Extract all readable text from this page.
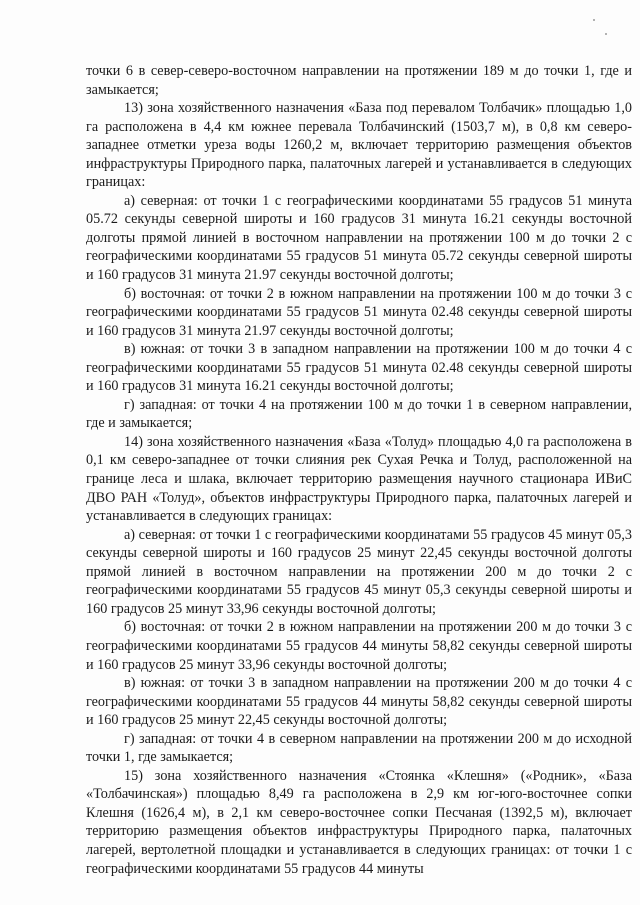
точки 6 в север-северо-восточном направлении на протяжении 189 м до точки 1, где и замыкается;

13) зона хозяйственного назначения «База под перевалом Толбачик» площадью 1,0 га расположена в 4,4 км южнее перевала Толбачинский (1503,7 м), в 0,8 км северо-западнее отметки уреза воды 1260,2 м, включает территорию размещения объектов инфраструктуры Природного парка, палаточных лагерей и устанавливается в следующих границах:

а) северная: от точки 1 с географическими координатами 55 градусов 51 минута 05.72 секунды северной широты и 160 градусов 31 минута 16.21 секунды восточной долготы прямой линией в восточном направлении на протяжении 100 м до точки 2 с географическими координатами 55 градусов 51 минута 05.72 секунды северной широты и 160 градусов 31 минута 21.97 секунды восточной долготы;

б) восточная: от точки 2 в южном направлении на протяжении 100 м до точки 3 с географическими координатами 55 градусов 51 минута 02.48 секунды северной широты и 160 градусов 31 минута 21.97 секунды восточной долготы;

в) южная: от точки 3 в западном направлении на протяжении 100 м до точки 4 с географическими координатами 55 градусов 51 минута 02.48 секунды северной широты и 160 градусов 31 минута 16.21 секунды восточной долготы;

г) западная: от точки 4 на протяжении 100 м до точки 1 в северном направлении, где и замыкается;

14) зона хозяйственного назначения «База «Толуд» площадью 4,0 га расположена в 0,1 км северо-западнее от точки слияния рек Сухая Речка и Толуд, расположенной на границе леса и шлака, включает территорию размещения научного стационара ИВиС ДВО РАН «Толуд», объектов инфраструктуры Природного парка, палаточных лагерей и устанавливается в следующих границах:

а) северная: от точки 1 с географическими координатами 55 градусов 45 минут 05,3 секунды северной широты и 160 градусов 25 минут 22,45 секунды восточной долготы прямой линией в восточном направлении на протяжении 200 м до точки 2 с географическими координатами 55 градусов 45 минут 05,3 секунды северной широты и 160 градусов 25 минут 33,96 секунды восточной долготы;

б) восточная: от точки 2 в южном направлении на протяжении 200 м до точки 3 с географическими координатами 55 градусов 44 минуты 58,82 секунды северной широты и 160 градусов 25 минут 33,96 секунды восточной долготы;

в) южная: от точки 3 в западном направлении на протяжении 200 м до точки 4 с географическими координатами 55 градусов 44 минуты 58,82 секунды северной широты и 160 градусов 25 минут 22,45 секунды восточной долготы;

г) западная: от точки 4 в северном направлении на протяжении 200 м до исходной точки 1, где замыкается;

15) зона хозяйственного назначения «Стоянка «Клешня» («Родник», «База «Толбачинская») площадью 8,49 га расположена в 2,9 км юг-юго-восточнее сопки Клешня (1626,4 м), в 2,1 км северо-восточнее сопки Песчаная (1392,5 м), включает территорию размещения объектов инфраструктуры Природного парка, палаточных лагерей, вертолетной площадки и устанавливается в следующих границах: от точки 1 с географическими координатами 55 градусов 44 минуты
